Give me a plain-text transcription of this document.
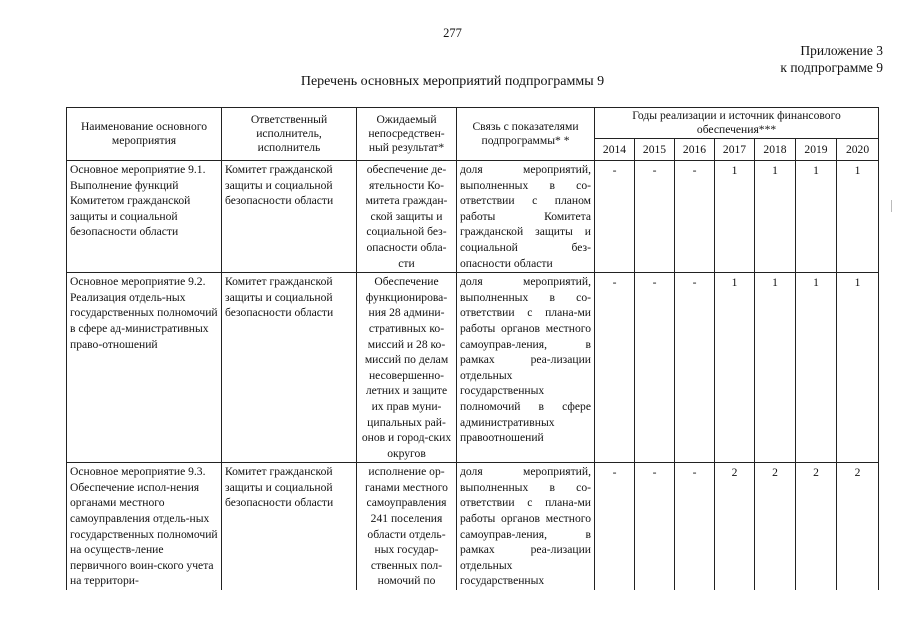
277
Приложение 3
к подпрограмме 9
Перечень основных мероприятий подпрограммы 9
Наименование основного мероприятия	Ответственный исполнитель, исполнитель	Ожидаемый непосредствен-ный результат*	Связь с показателями подпрограммы* *	Годы реализации и источник финансового обеспечения***						
				2014	2015	2016	2017	2018	2019	2020
Основное мероприятие 9.1. Выполнение функций Комитетом гражданской защиты и социальной безопасности области	Комитет гражданской защиты и социальной безопасности области	обеспечение де-ятельности Ко-митета граждан-ской защиты и социальной без-опасности обла-сти	доля мероприятий, выполненных в со-ответствии с планом работы Комитета гражданской защиты и социальной без-опасности области	-	-	-	1	1	1	1
Основное мероприятие 9.2. Реализация отдель-ных государственных полномочий в сфере ад-министративных право-отношений	Комитет гражданской защиты и социальной безопасности области	Обеспечение функционирова-ния 28 админи-стративных ко-миссий и 28 ко-миссий по делам несовершенно-летних и защите их прав муни-ципальных рай-онов и город-ских округов	доля мероприятий, выполненных в со-ответствии с плана-ми работы органов местного самоуправ-ления, в рамках реа-лизации отдельных государственных полномочий в сфере административных правоотношений	-	-	-	1	1	1	1
Основное мероприятие 9.3. Обеспечение испол-нения органами местного самоуправления отдель-ных государственных полномочий на осуществ-ление первичного воин-ского учета на территори-	Комитет гражданской защиты и социальной безопасности области	исполнение ор-ганами местного самоуправления 241 поселения области отдель-ных государ-ственных пол-номочий по	доля мероприятий, выполненных в со-ответствии с плана-ми работы органов местного самоуправ-ления, в рамках реа-лизации отдельных государственных	-	-	-	2	2	2	2
